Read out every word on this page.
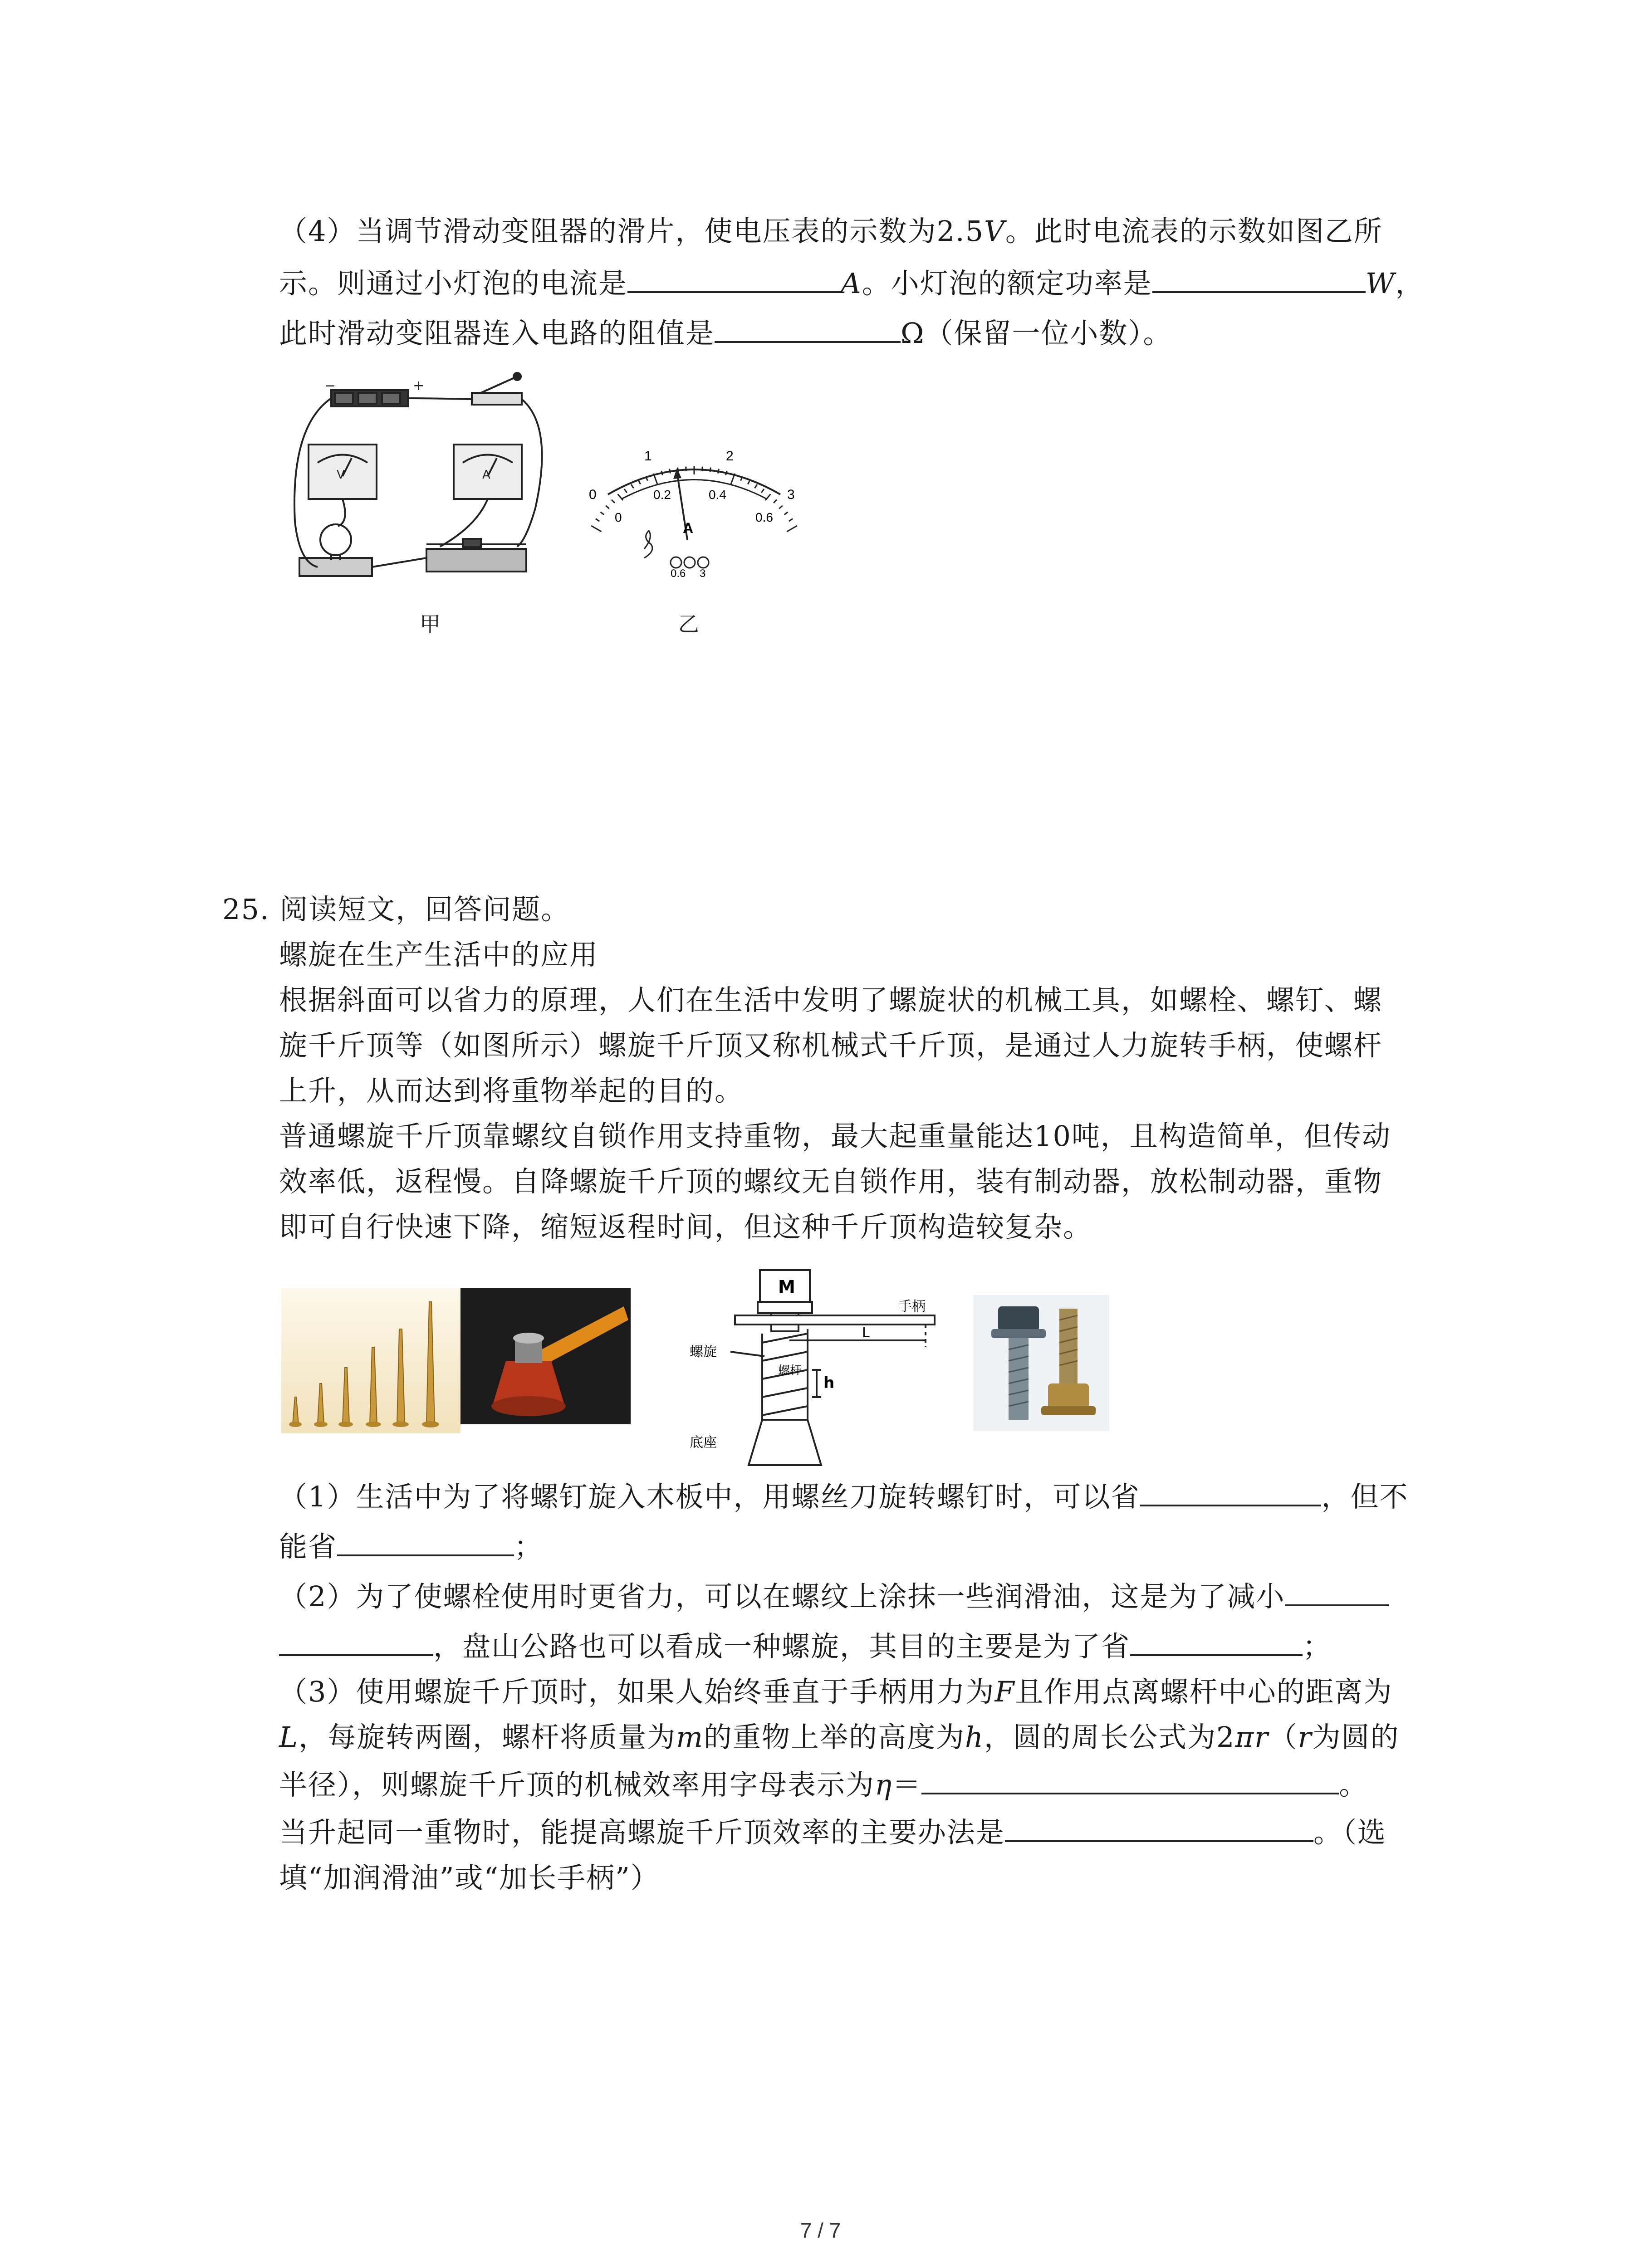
（4）当调节滑动变阻器的滑片，使电压表的示数为2.5V。此时电流表的示数如图乙所
示。则通过小灯泡的电流是	A。小灯泡的额定功率是	W，
此时滑动变阻器连入电路的阻值是	Ω（保留一位小数）。
−	+
V	A
甲
0
1	2
3
0
0.2	0.4
0.6
A
0.6 3
乙
25. 阅读短文，回答问题。
螺旋在生产生活中的应用
根据斜面可以省力的原理，人们在生活中发明了螺旋状的机械工具，如螺栓、螺钉、螺
旋千斤顶等（如图所示）螺旋千斤顶又称机械式千斤顶，是通过人力旋转手柄，使螺杆
上升，从而达到将重物举起的目的。
普通螺旋千斤顶靠螺纹自锁作用支持重物，最大起重量能达10吨，且构造简单，但传动
效率低，返程慢。自降螺旋千斤顶的螺纹无自锁作用，装有制动器，放松制动器，重物
即可自行快速下降，缩短返程时间，但这种千斤顶构造较复杂。
M
手柄
螺旋
L
h
螺杆
底座
（1）生活中为了将螺钉旋入木板中，用螺丝刀旋转螺钉时，可以省	，但不
能省	；
（2）为了使螺栓使用时更省力，可以在螺纹上涂抹一些润滑油，这是为了减小
，盘山公路也可以看成一种螺旋，其目的主要是为了省	；
（3）使用螺旋千斤顶时，如果人始终垂直于手柄用力为F且作用点离螺杆中心的距离为
L，每旋转两圈，螺杆将质量为m的重物上举的高度为h，圆的周长公式为2πr（r为圆的
半径），则螺旋千斤顶的机械效率用字母表示为η＝	。
当升起同一重物时，能提高螺旋千斤顶效率的主要办法是	。（选
填“加润滑油”或“加长手柄”）
7 / 7
